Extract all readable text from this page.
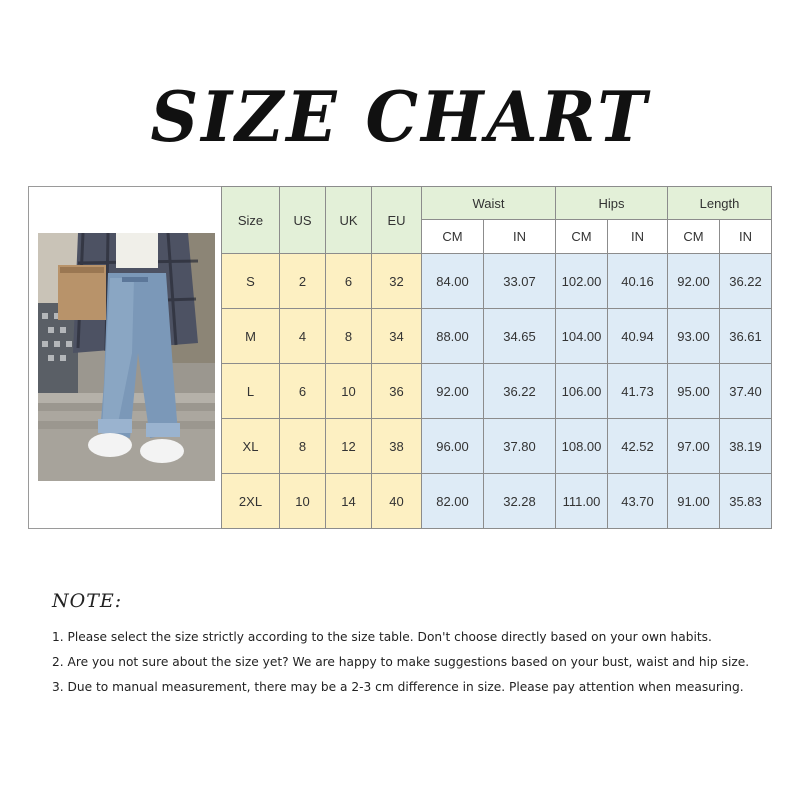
SIZE CHART
Size	US	UK	EU	Waist		Hips		Length	
				CM	IN	CM	IN	CM	IN
S	2	6	32	84.00	33.07	102.00	40.16	92.00	36.22
M	4	8	34	88.00	34.65	104.00	40.94	93.00	36.61
L	6	10	36	92.00	36.22	106.00	41.73	95.00	37.40
XL	8	12	38	96.00	37.80	108.00	42.52	97.00	38.19
2XL	10	14	40	82.00	32.28	111.00	43.70	91.00	35.83
NOTE:
1. Please select the size strictly according to the size table. Don't choose directly based on your own habits.
2. Are you not sure about the size yet? We are happy to make suggestions based on your bust, waist and hip size.
3. Due to manual measurement, there may be a 2-3 cm difference in size. Please pay attention when measuring.
